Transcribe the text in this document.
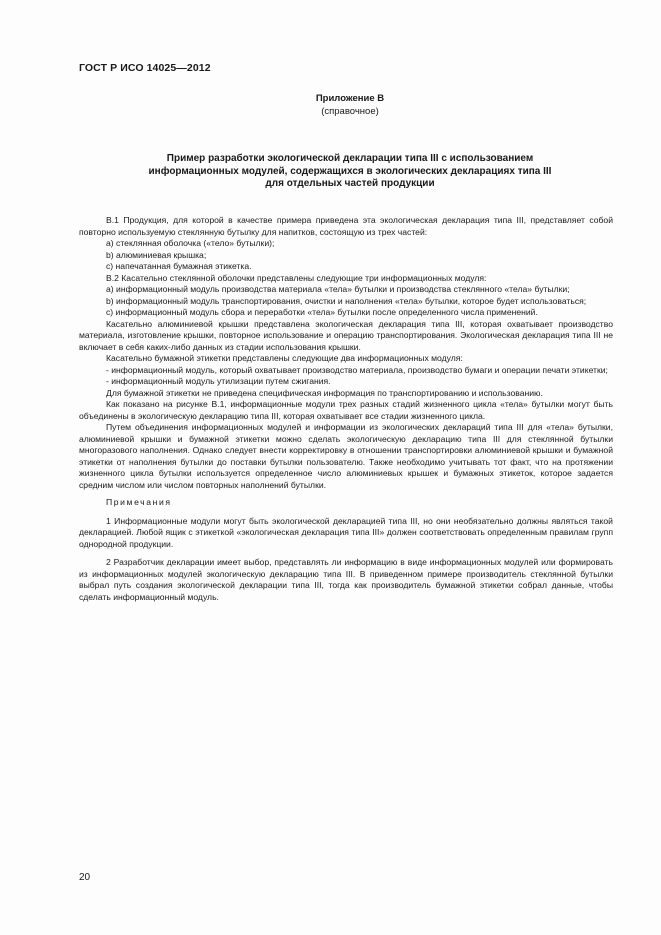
ГОСТ Р ИСО 14025—2012
Приложение В
(справочное)
Пример разработки экологической декларации типа III с использованием
информационных модулей, содержащихся в экологических декларациях типа III
для отдельных частей продукции

B.1 Продукция, для которой в качестве примера приведена эта экологическая декларация типа III, представляет собой повторно используемую стеклянную бутылку для напитков, состоящую из трех частей:

a) стеклянная оболочка («тело» бутылки);

b) алюминиевая крышка;

c) напечатанная бумажная этикетка.

B.2 Касательно стеклянной оболочки представлены следующие три информационных модуля:

a) информационный модуль производства материала «тела» бутылки и производства стеклянного «тела» бутылки;

b) информационный модуль транспортирования, очистки и наполнения «тела» бутылки, которое будет использоваться;

c) информационный модуль сбора и переработки «тела» бутылки после определенного числа применений.

Касательно алюминиевой крышки представлена экологическая декларация типа III, которая охватывает производство материала, изготовление крышки, повторное использование и операцию транспортирования. Экологическая декларация типа III не включает в себя каких-либо данных из стадии использования крышки.

Касательно бумажной этикетки представлены следующие два информационных модуля:

- информационный модуль, который охватывает производство материала, производство бумаги и операции печати этикетки;

- информационный модуль утилизации путем сжигания.

Для бумажной этикетки не приведена специфическая информация по транспортированию и использованию.

Как показано на рисунке B.1, информационные модули трех разных стадий жизненного цикла «тела» бутылки могут быть объединены в экологическую декларацию типа III, которая охватывает все стадии жизненного цикла.

Путем объединения информационных модулей и информации из экологических деклараций типа III для «тела» бутылки, алюминиевой крышки и бумажной этикетки можно сделать экологическую декларацию типа III для стеклянной бутылки многоразового наполнения. Однако следует внести корректировку в отношении транспортировки алюминиевой крышки и бумажной этикетки от наполнения бутылки до поставки бутылки пользователю. Также необходимо учитывать тот факт, что на протяжении жизненного цикла бутылки используется определенное число алюминиевых крышек и бумажных этикеток, которое задается средним числом или числом повторных наполнений бутылки.

Примечания

1 Информационные модули могут быть экологической декларацией типа III, но они необязательно должны являться такой декларацией. Любой ящик с этикеткой «экологическая декларация типа III» должен соответствовать определенным правилам групп однородной продукции.

2 Разработчик декларации имеет выбор, представлять ли информацию в виде информационных модулей или формировать из информационных модулей экологическую декларацию типа III. В приведенном примере производитель стеклянной бутылки выбрал путь создания экологической декларации типа III, тогда как производитель бумажной этикетки собрал данные, чтобы сделать информационный модуль.

20
